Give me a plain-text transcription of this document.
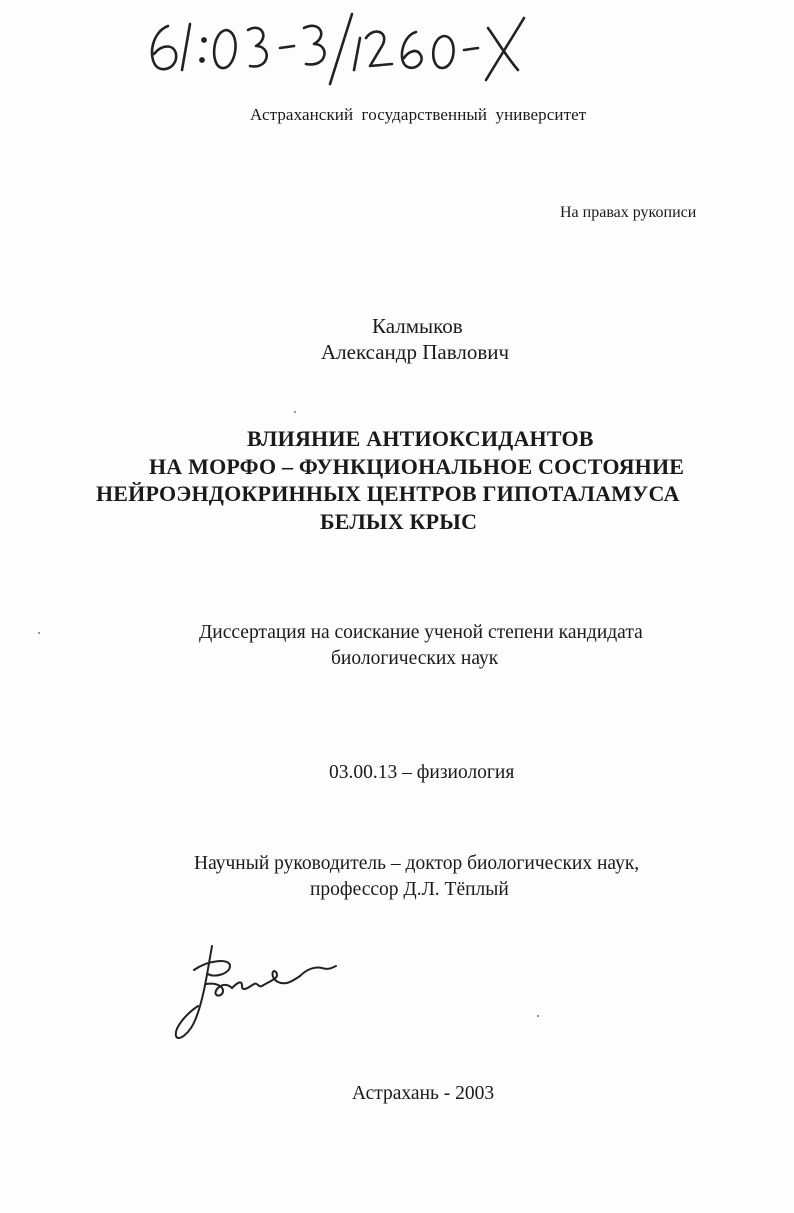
Астраханский государственный университет
На правах рукописи
Калмыков
Александр Павлович
ВЛИЯНИЕ АНТИОКСИДАНТОВ
НА МОРФО – ФУНКЦИОНАЛЬНОЕ СОСТОЯНИЕ
НЕЙРОЭНДОКРИННЫХ ЦЕНТРОВ ГИПОТАЛАМУСА
БЕЛЫХ КРЫС
Диссертация на соискание ученой степени кандидата
биологических наук
03.00.13 – физиология
Научный руководитель – доктор биологических наук,
профессор Д.Л. Тёплый
Астрахань - 2003
